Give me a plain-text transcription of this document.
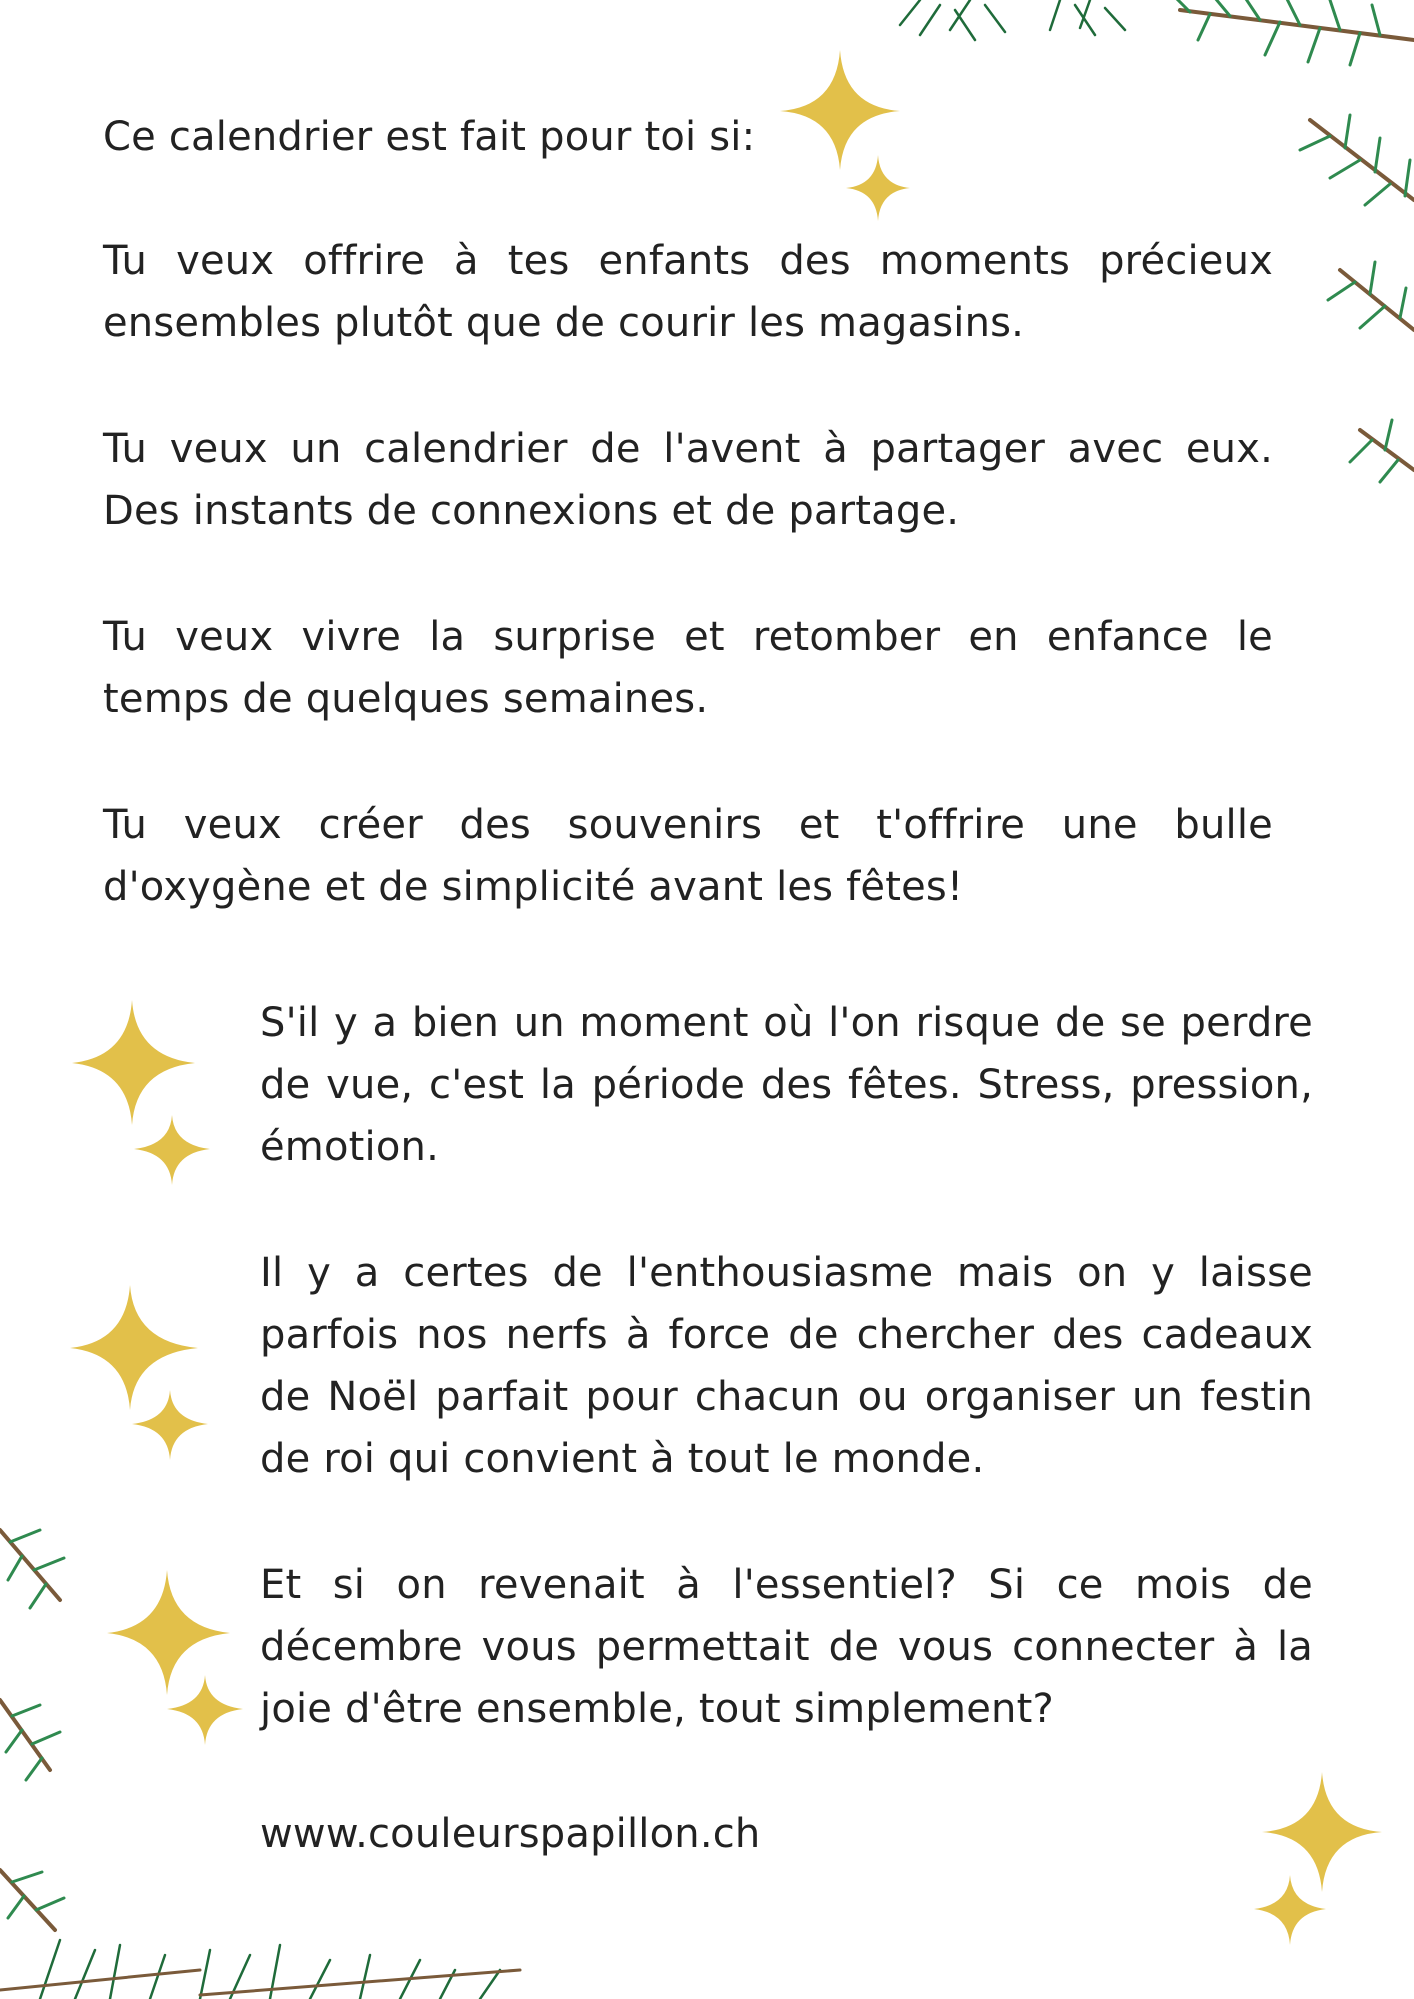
Ce calendrier est fait pour toi si:

Tu veux offrire à tes enfants des moments précieux ensembles plutôt que de courir les magasins.

Tu veux un calendrier de l'avent à partager avec eux. Des instants de connexions et de partage.

Tu veux vivre la surprise et retomber en enfance le temps de quelques semaines.

Tu veux créer des souvenirs et t'offrire une bulle d'oxygène et de simplicité avant les fêtes!

S'il y a bien un moment où l'on risque de se perdre de vue, c'est la période des fêtes. Stress, pression, émotion.

Il y a certes de l'enthousiasme mais on y laisse parfois nos nerfs à force de chercher des cadeaux de Noël parfait pour chacun ou organiser un festin de roi qui convient à tout le monde.

Et si on revenait à l'essentiel? Si ce mois de décembre vous permettait de vous connecter à la joie d'être ensemble, tout simplement?

www.couleurspapillon.ch
